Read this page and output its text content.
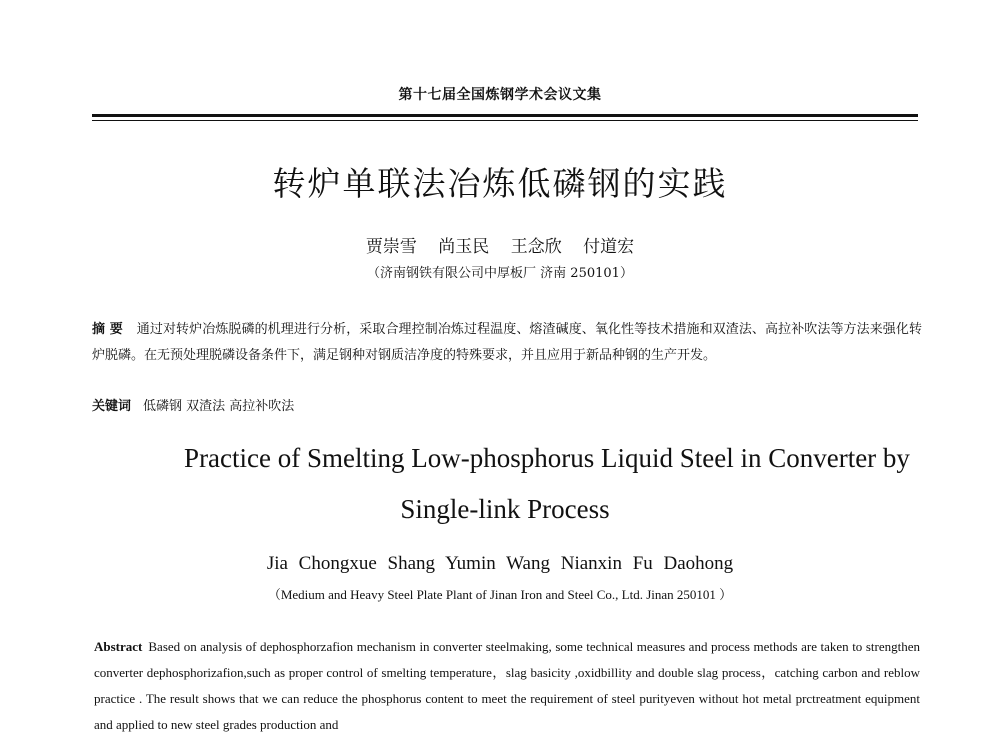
第十七届全国炼钢学术会议文集
转炉单联法冶炼低磷钢的实践
贾崇雪 尚玉民 王念欣 付道宏
（济南钢铁有限公司中厚板厂 济南 250101）
摘 要 通过对转炉冶炼脱磷的机理进行分析，采取合理控制冶炼过程温度、熔渣碱度、氧化性等技术措施和双渣法、高拉补吹法等方法来强化转炉脱磷。在无预处理脱磷设备条件下，满足钢种对钢质洁净度的特殊要求，并且应用于新品种钢的生产开发。
关键词 低磷钢 双渣法 高拉补吹法
Practice of Smelting Low-phosphorus Liquid Steel in Converter by
Single-link Process
Jia Chongxue Shang Yumin Wang Nianxin Fu Daohong
（Medium and Heavy Steel Plate Plant of Jinan Iron and Steel Co., Ltd. Jinan 250101 ）
Abstract Based on analysis of dephosphorzafion mechanism in converter steelmaking, some technical measures and process methods are taken to strengthen converter dephosphorizafion,such as proper control of smelting temperature，slag basicity ,oxidbillity and double slag process，catching carbon and reblow practice . The result shows that we can reduce the phosphorus content to meet the requirement of steel purityeven without hot metal prctreatment equipment and applied to new steel grades production and
